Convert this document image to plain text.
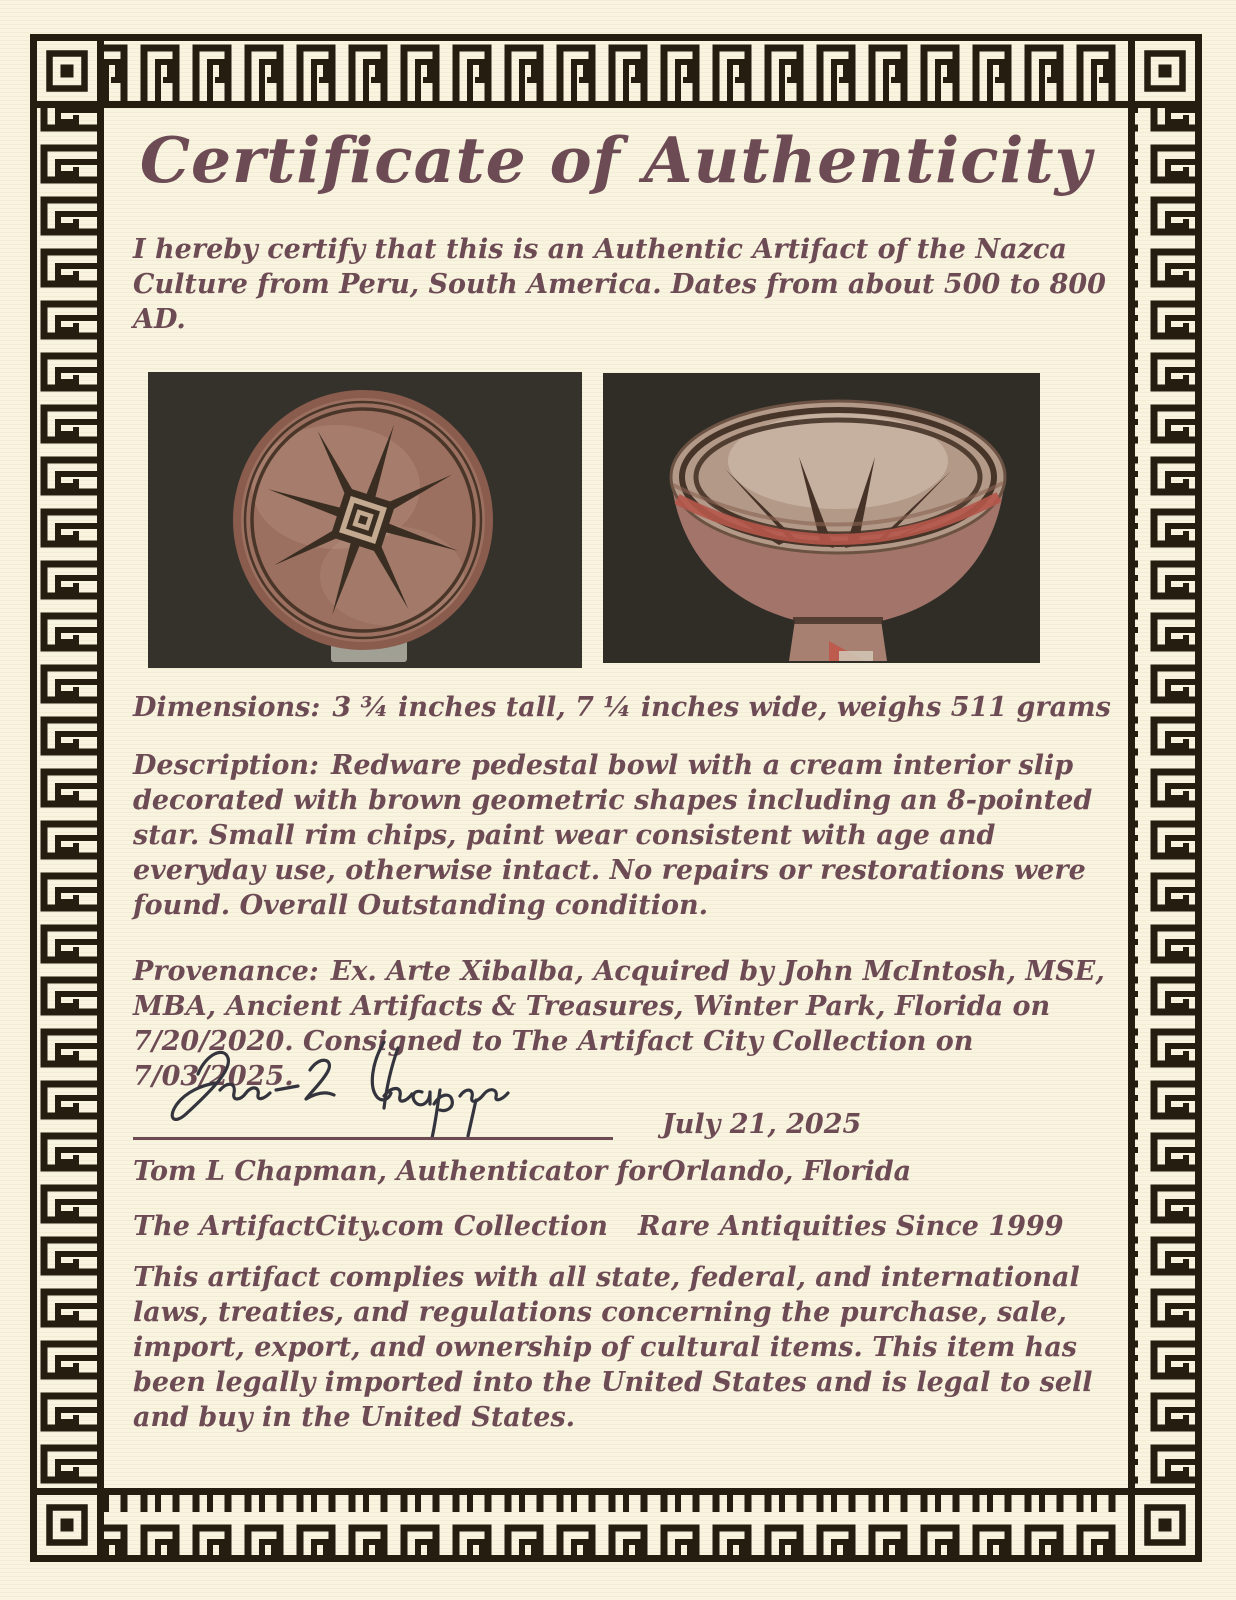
Certificate of Authenticity

I hereby certify that this is an Authentic Artifact of the Nazca Culture from Peru, South America. Dates from about 500 to 800 AD.

Dimensions: 3 ¾ inches tall, 7 ¼ inches wide, weighs 511 grams

Description: Redware pedestal bowl with a cream interior slip decorated with brown geometric shapes including an 8-pointed star. Small rim chips, paint wear consistent with age and everyday use, otherwise intact. No repairs or restorations were found. Overall Outstanding condition.

Provenance: Ex. Arte Xibalba, Acquired by John McIntosh, MSE, MBA, Ancient Artifacts & Treasures, Winter Park, Florida on 7/20/2020. Consigned to The Artifact City Collection on 7/03/2025.

July 21, 2025

Tom L Chapman, Authenticator for Orlando, Florida

The ArtifactCity.com Collection Rare Antiquities Since 1999

This artifact complies with all state, federal, and international laws, treaties, and regulations concerning the purchase, sale, import, export, and ownership of cultural items. This item has been legally imported into the United States and is legal to sell and buy in the United States.
